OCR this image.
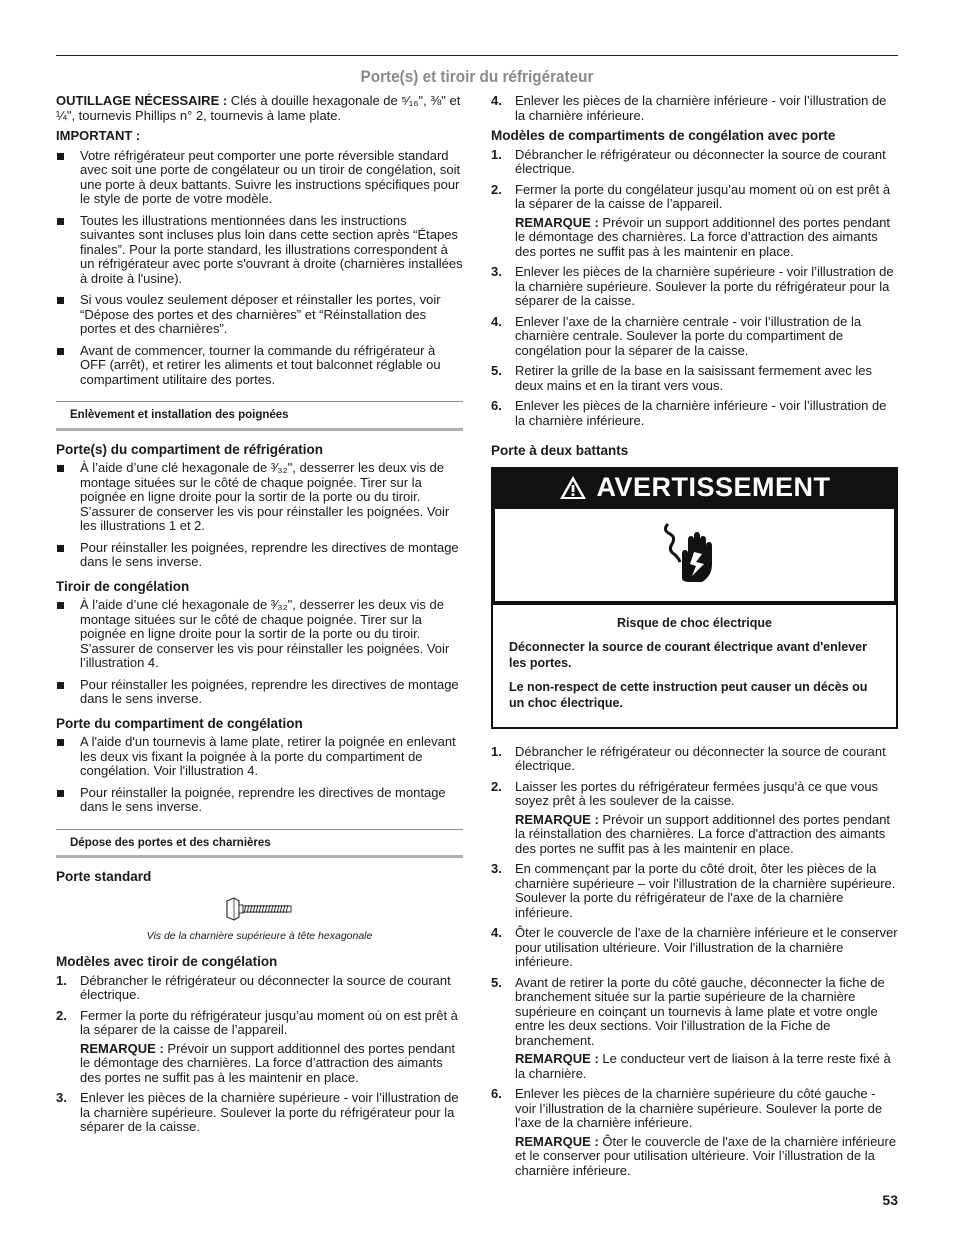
Porte(s) et tiroir du réfrigérateur

OUTILLAGE NÉCESSAIRE : Clés à douille hexagonale de ⁵⁄₁₆", ⅜" et ¼", tournevis Phillips n° 2, tournevis à lame plate.

IMPORTANT :

Votre réfrigérateur peut comporter une porte réversible standard avec soit une porte de congélateur ou un tiroir de congélation, soit une porte à deux battants. Suivre les instructions spécifiques pour le style de porte de votre modèle.
Toutes les illustrations mentionnées dans les instructions suivantes sont incluses plus loin dans cette section après “Étapes finales”. Pour la porte standard, les illustrations correspondent à un réfrigérateur avec porte s'ouvrant à droite (charnières installées à droite à l'usine).
Si vous voulez seulement déposer et réinstaller les portes, voir “Dépose des portes et des charnières” et “Réinstallation des portes et des charnières”.
Avant de commencer, tourner la commande du réfrigérateur à OFF (arrêt), et retirer les aliments et tout balconnet réglable ou compartiment utilitaire des portes.
Enlèvement et installation des poignées
Porte(s) du compartiment de réfrigération
À l’aide d’une clé hexagonale de ³⁄₃₂", desserrer les deux vis de montage situées sur le côté de chaque poignée. Tirer sur la poignée en ligne droite pour la sortir de la porte ou du tiroir. S’assurer de conserver les vis pour réinstaller les poignées. Voir les illustrations 1 et 2.
Pour réinstaller les poignées, reprendre les directives de montage dans le sens inverse.
Tiroir de congélation
À l’aide d’une clé hexagonale de ³⁄₃₂", desserrer les deux vis de montage situées sur le côté de chaque poignée. Tirer sur la poignée en ligne droite pour la sortir de la porte ou du tiroir. S’assurer de conserver les vis pour réinstaller les poignées. Voir l’illustration 4.
Pour réinstaller les poignées, reprendre les directives de montage dans le sens inverse.
Porte du compartiment de congélation
A l'aide d'un tournevis à lame plate, retirer la poignée en enlevant les deux vis fixant la poignée à la porte du compartiment de congélation. Voir l'illustration 4.
Pour réinstaller la poignée, reprendre les directives de montage dans le sens inverse.
Dépose des portes et des charnières
Porte standard

Vis de la charnière supérieure à tête hexagonale

Modèles avec tiroir de congélation
1. Débrancher le réfrigérateur ou déconnecter la source de courant électrique.
2. Fermer la porte du réfrigérateur jusqu’au moment où on est prêt à la séparer de la caisse de l’appareil.

REMARQUE : Prévoir un support additionnel des portes pendant le démontage des charnières. La force d’attraction des aimants des portes ne suffit pas à les maintenir en place.

3. Enlever les pièces de la charnière supérieure - voir l’illustration de la charnière supérieure. Soulever la porte du réfrigérateur pour la séparer de la caisse.
4. Enlever les pièces de la charnière inférieure - voir l’illustration de la charnière inférieure.
Modèles de compartiments de congélation avec porte
1. Débrancher le réfrigérateur ou déconnecter la source de courant électrique.
2. Fermer la porte du congélateur jusqu’au moment où on est prêt à la séparer de la caisse de l’appareil.

REMARQUE : Prévoir un support additionnel des portes pendant le démontage des charnières. La force d’attraction des aimants des portes ne suffit pas à les maintenir en place.

3. Enlever les pièces de la charnière supérieure - voir l’illustration de la charnière supérieure. Soulever la porte du réfrigérateur pour la séparer de la caisse.
4. Enlever l’axe de la charnière centrale - voir l’illustration de la charnière centrale. Soulever la porte du compartiment de congélation pour la séparer de la caisse.
5. Retirer la grille de la base en la saisissant fermement avec les deux mains et en la tirant vers vous.
6. Enlever les pièces de la charnière inférieure - voir l’illustration de la charnière inférieure.
Porte à deux battants
AVERTISSEMENT

Risque de choc électrique

Déconnecter la source de courant électrique avant d'enlever les portes.

Le non-respect de cette instruction peut causer un décès ou un choc électrique.

1. Débrancher le réfrigérateur ou déconnecter la source de courant électrique.
2. Laisser les portes du réfrigérateur fermées jusqu'à ce que vous soyez prêt à les soulever de la caisse.

REMARQUE : Prévoir un support additionnel des portes pendant la réinstallation des charnières. La force d'attraction des aimants des portes ne suffit pas à les maintenir en place.

3. En commençant par la porte du côté droit, ôter les pièces de la charnière supérieure – voir l'illustration de la charnière supérieure. Soulever la porte du réfrigérateur de l'axe de la charnière inférieure.
4. Ôter le couvercle de l'axe de la charnière inférieure et le conserver pour utilisation ultérieure. Voir l'illustration de la charnière inférieure.
5. Avant de retirer la porte du côté gauche, déconnecter la fiche de branchement située sur la partie supérieure de la charnière supérieure en coinçant un tournevis à lame plate et votre ongle entre les deux sections. Voir l'illustration de la Fiche de branchement.

REMARQUE : Le conducteur vert de liaison à la terre reste fixé à la charnière.

6. Enlever les pièces de la charnière supérieure du côté gauche - voir l’illustration de la charnière supérieure. Soulever la porte de l'axe de la charnière inférieure.

REMARQUE : Ôter le couvercle de l'axe de la charnière inférieure et le conserver pour utilisation ultérieure. Voir l’illustration de la charnière inférieure.

53
